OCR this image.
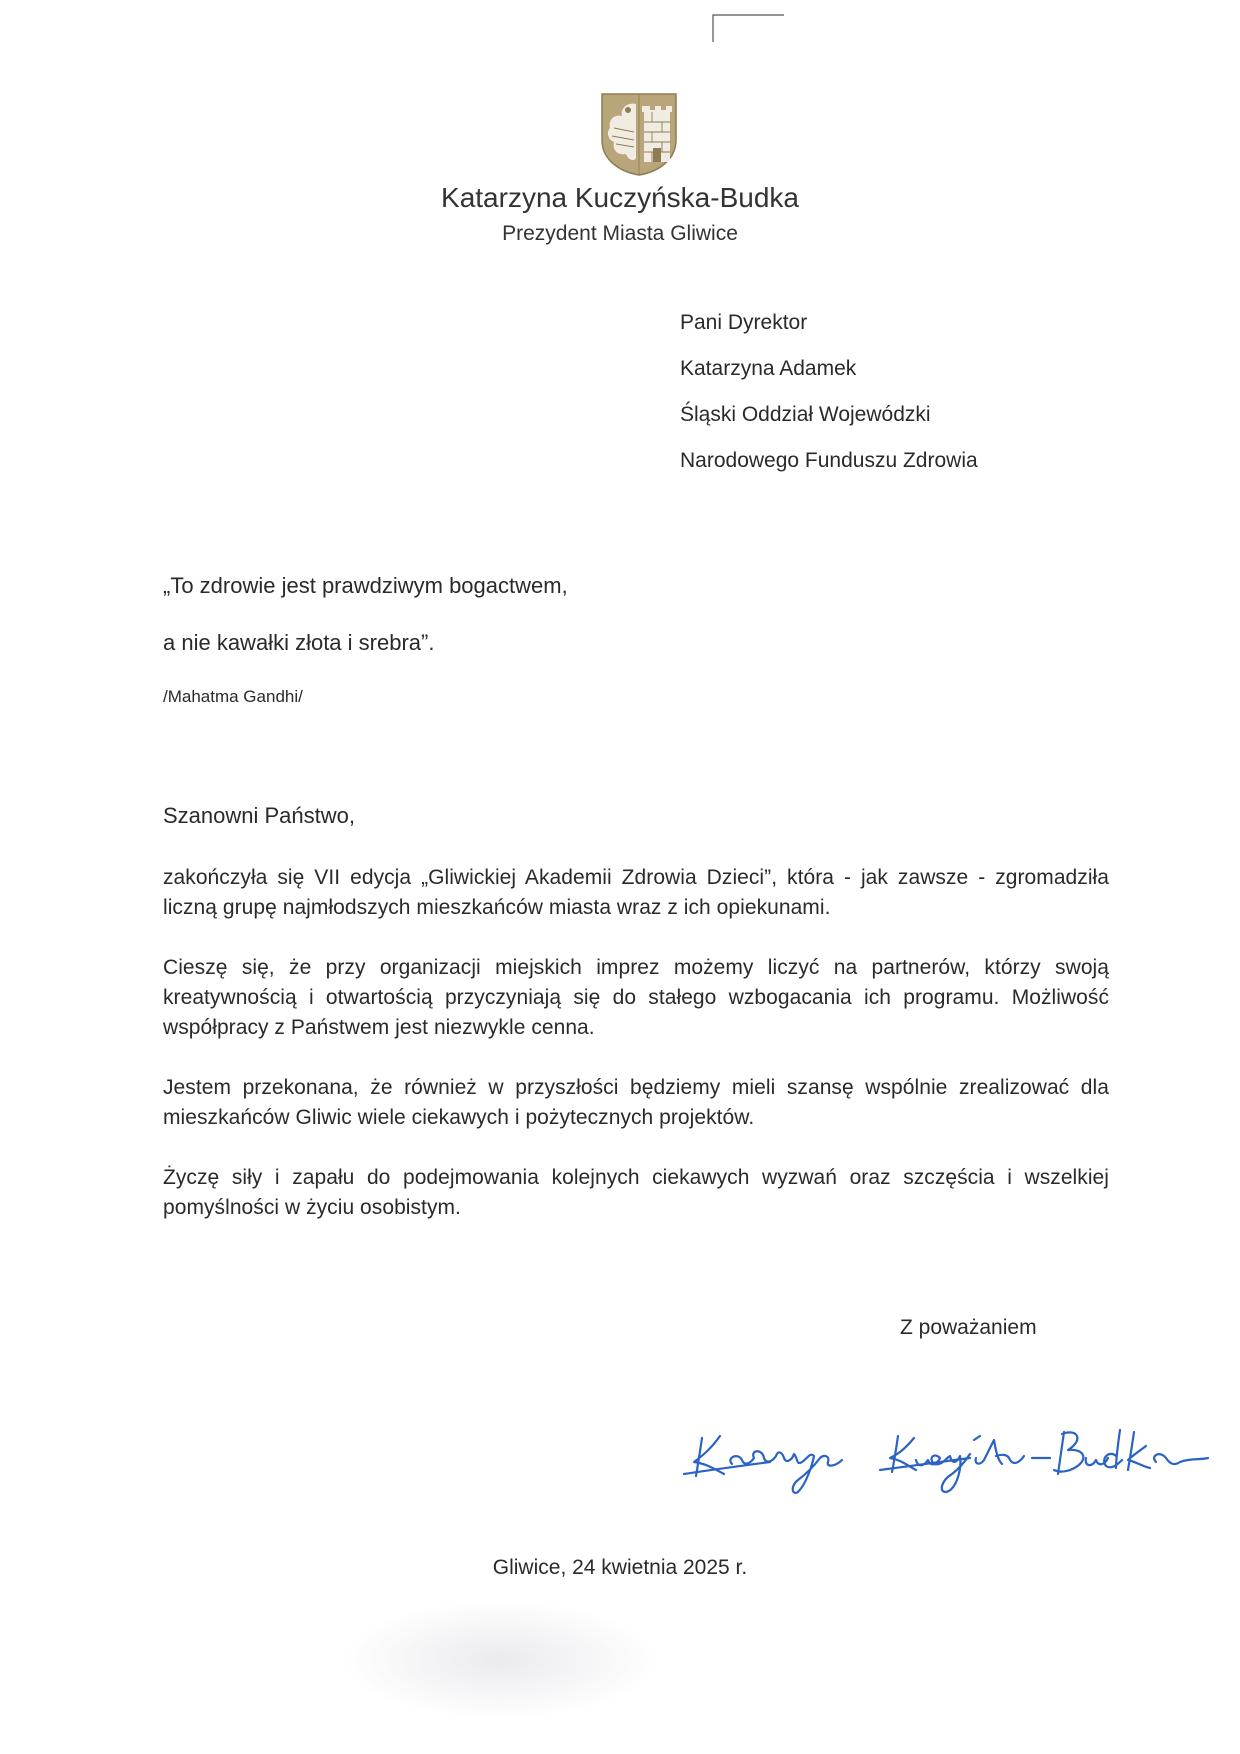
Katarzyna Kuczyńska-Budka
Prezydent Miasta Gliwice
Pani Dyrektor
Katarzyna Adamek
Śląski Oddział Wojewódzki
Narodowego Funduszu Zdrowia
„To zdrowie jest prawdziwym bogactwem,
a nie kawałki złota i srebra”.
/Mahatma Gandhi/
Szanowni Państwo,

zakończyła się VII edycja „Gliwickiej Akademii Zdrowia Dzieci”, która - jak zawsze - zgromadziła liczną grupę najmłodszych mieszkańców miasta wraz z ich opiekunami.

Cieszę się, że przy organizacji miejskich imprez możemy liczyć na partnerów, którzy swoją kreatywnością i otwartością przyczyniają się do stałego wzbogacania ich programu. Możliwość współpracy z Państwem jest niezwykle cenna.

Jestem przekonana, że również w przyszłości będziemy mieli szansę wspólnie zrealizować dla mieszkańców Gliwic wiele ciekawych i pożytecznych projektów.

Życzę siły i zapału do podejmowania kolejnych ciekawych wyzwań oraz szczęścia i wszelkiej pomyślności w życiu osobistym.

Z poważaniem
Gliwice, 24 kwietnia 2025 r.
